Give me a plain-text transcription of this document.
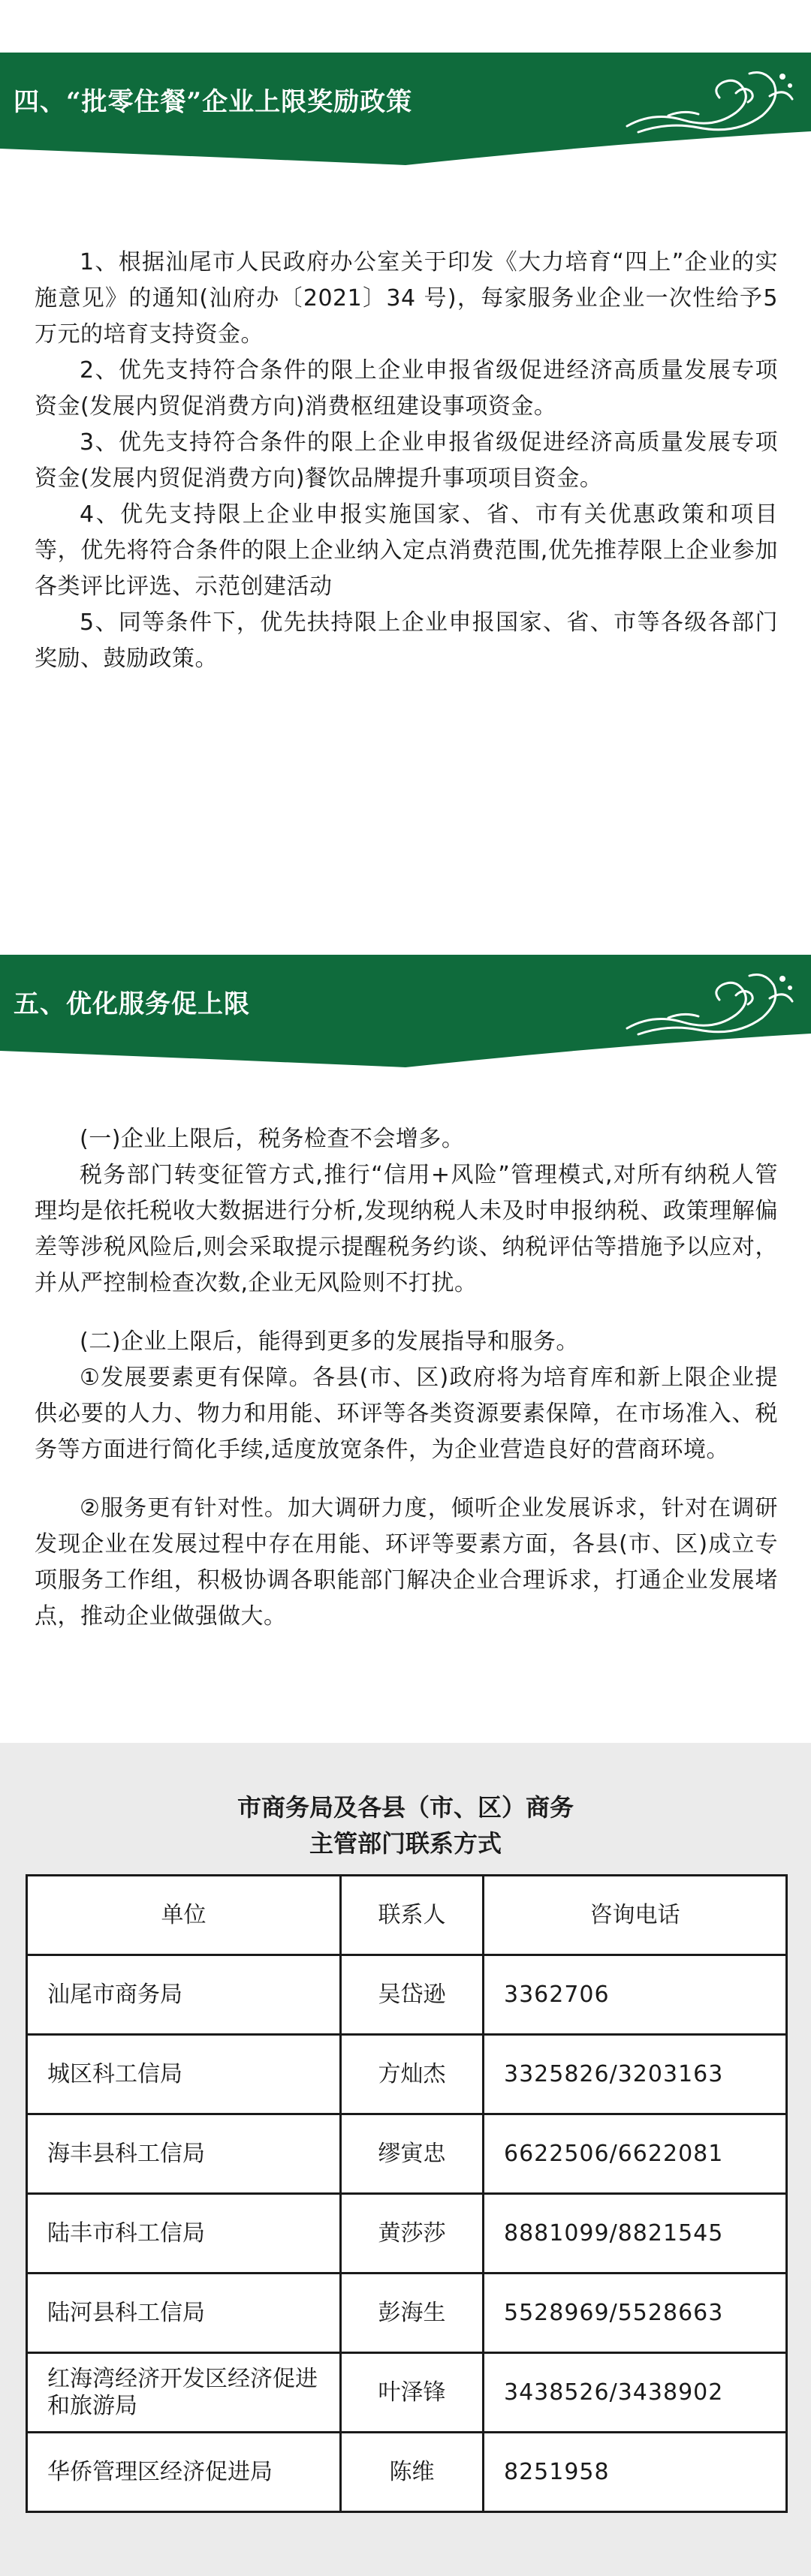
四、“批零住餐”企业上限奖励政策

1、根据汕尾市人民政府办公室关于印发《大力培育“四上”企业的实施意见》的通知(汕府办〔2021〕34 号)，每家服务业企业一次性给予5万元的培育支持资金。

2、优先支持符合条件的限上企业申报省级促进经济高质量发展专项资金(发展内贸促消费方向)消费枢纽建设事项资金。

3、优先支持符合条件的限上企业申报省级促进经济高质量发展专项资金(发展内贸促消费方向)餐饮品牌提升事项项目资金。

4、优先支持限上企业申报实施国家、省、市有关优惠政策和项目等，优先将符合条件的限上企业纳入定点消费范围,优先推荐限上企业参加各类评比评选、示范创建活动

5、同等条件下，优先扶持限上企业申报国家、省、市等各级各部门奖励、鼓励政策。

五、优化服务促上限

(一)企业上限后，税务检查不会增多。

税务部门转变征管方式,推行“信用+风险”管理模式,对所有纳税人管理均是依托税收大数据进行分析,发现纳税人未及时申报纳税、政策理解偏差等涉税风险后,则会采取提示提醒税务约谈、纳税评估等措施予以应对，并从严控制检查次数,企业无风险则不打扰。

(二)企业上限后，能得到更多的发展指导和服务。

①发展要素更有保障。各县(市、区)政府将为培育库和新上限企业提供必要的人力、物力和用能、环评等各类资源要素保障，在市场准入、税务等方面进行简化手续,适度放宽条件，为企业营造良好的营商环境。

②服务更有针对性。加大调研力度，倾听企业发展诉求，针对在调研发现企业在发展过程中存在用能、环评等要素方面，各县(市、区)成立专项服务工作组，积极协调各职能部门解决企业合理诉求，打通企业发展堵点，推动企业做强做大。

市商务局及各县（市、区）商务
主管部门联系方式
单位	联系人	咨询电话
汕尾市商务局	吴岱逊	3362706
城区科工信局	方灿杰	3325826/3203163
海丰县科工信局	缪寅忠	6622506/6622081
陆丰市科工信局	黄莎莎	8881099/8821545
陆河县科工信局	彭海生	5528969/5528663
红海湾经济开发区经济促进和旅游局	叶泽锋	3438526/3438902
华侨管理区经济促进局	陈维	8251958
